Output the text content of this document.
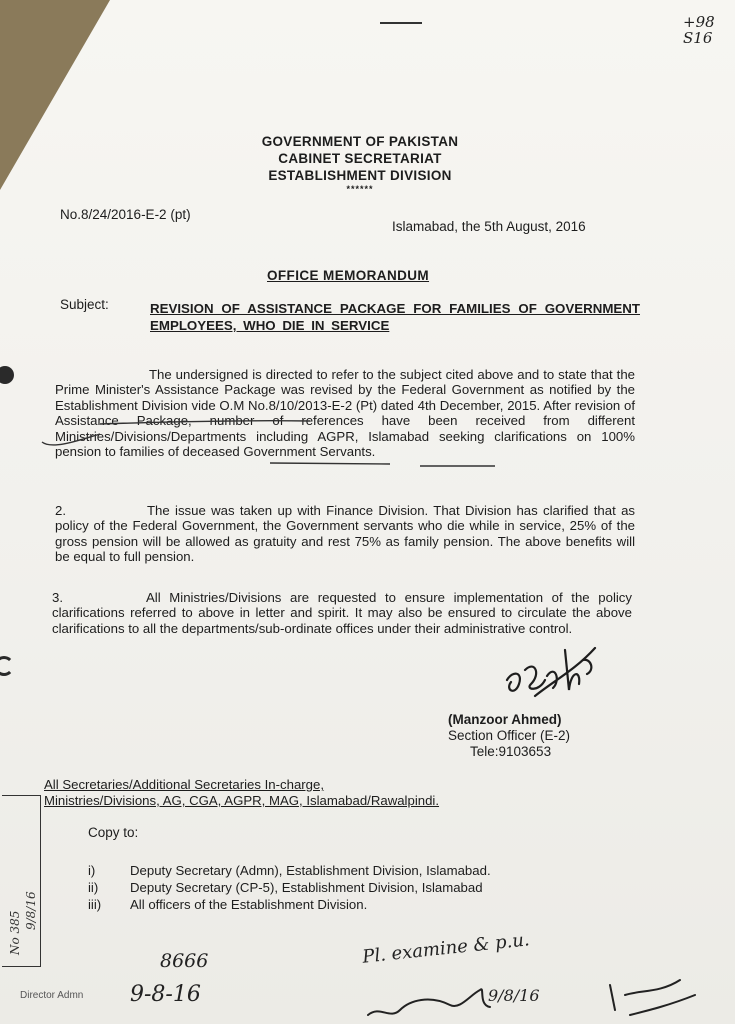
+98
S16
GOVERNMENT OF PAKISTAN
CABINET SECRETARIAT
ESTABLISHMENT DIVISION
******
No.8/24/2016-E-2 (pt)
Islamabad, the 5th August, 2016
OFFICE MEMORANDUM
Subject:	REVISION OF ASSISTANCE PACKAGE FOR FAMILIES OF GOVERNMENT EMPLOYEES, WHO DIE IN SERVICE
The undersigned is directed to refer to the subject cited above and to state that the Prime Minister's Assistance Package was revised by the Federal Government as notified by the Establishment Division vide O.M No.8/10/2013-E-2 (Pt) dated 4th December, 2015. After revision of Assistance Package, number of references have been received from different Ministries/Divisions/Departments including AGPR, Islamabad seeking clarifications on 100% pension to families of deceased Government Servants.
2.	The issue was taken up with Finance Division. That Division has clarified that as policy of the Federal Government, the Government servants who die while in service, 25% of the gross pension will be allowed as gratuity and rest 75% as family pension. The above benefits will be equal to full pension.
3.	All Ministries/Divisions are requested to ensure implementation of the policy clarifications referred to above in letter and spirit. It may also be ensured to circulate the above clarifications to all the departments/sub-ordinate offices under their administrative control.
(Manzoor Ahmed)
Section Officer (E-2)
Tele:9103653
All Secretaries/Additional Secretaries In-charge,
Ministries/Divisions, AG, CGA, AGPR, MAG, Islamabad/Rawalpindi.
Copy to:
i)	Deputy Secretary (Admn), Establishment Division, Islamabad.
ii) Deputy Secretary (CP-5), Establishment Division, Islamabad
iii) All officers of the Establishment Division.
No 385 9/8/16
8666
9-8-16
Director Admn
Pl. examine & p.u.
9/8/16
